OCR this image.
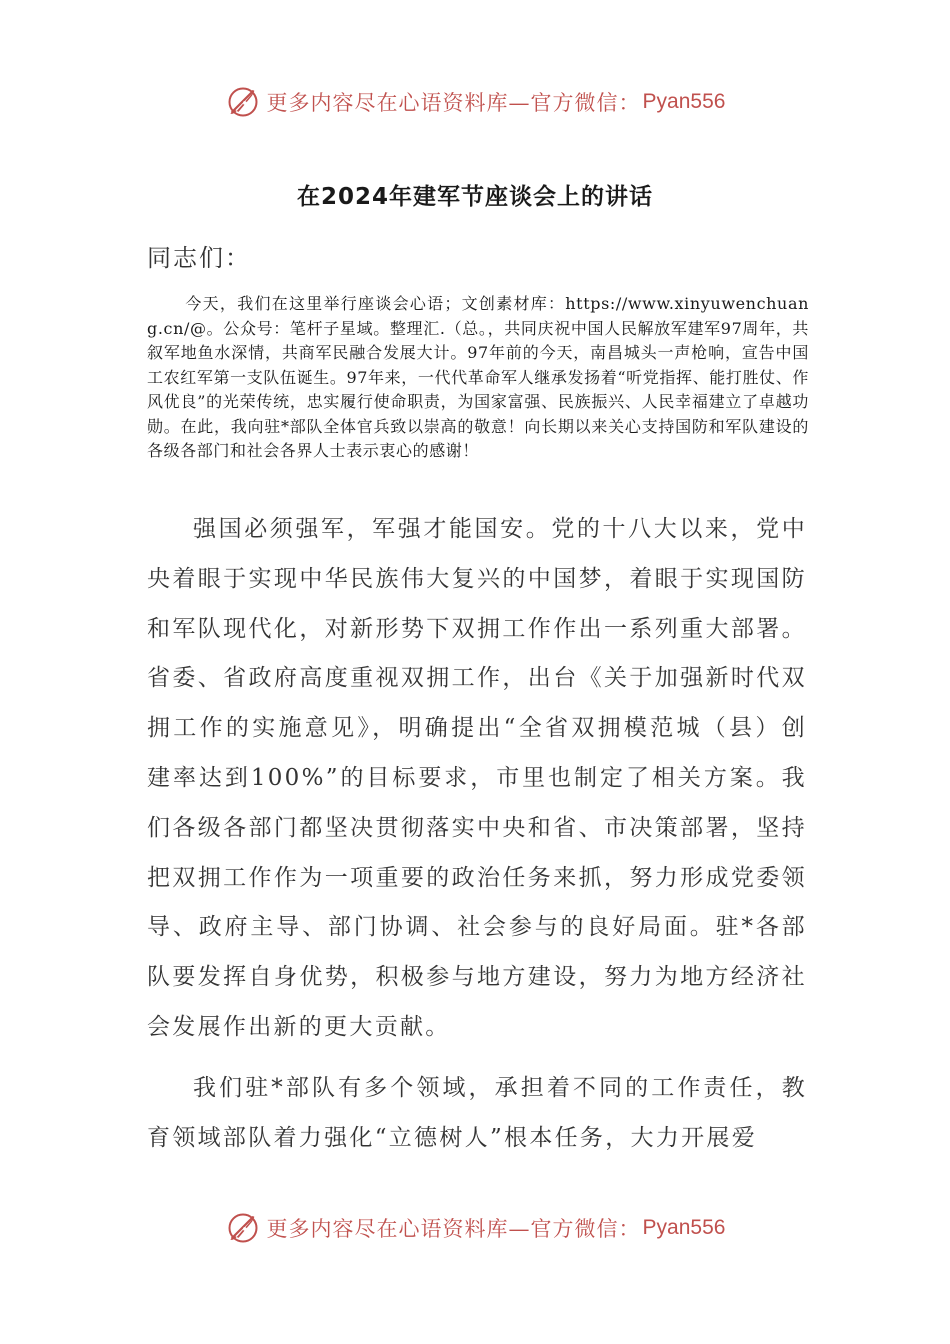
更多内容尽在心语资料库—官方微信： Pyan556
在2024年建军节座谈会上的讲话
同志们：
今天，我们在这里举行座谈会心语；文创素材库：https://www.xinyuwenchuang.cn/@。公众号：笔杆子星域。整理汇.（总。，共同庆祝中国人民解放军建军97周年，共叙军地鱼水深情，共商军民融合发展大计。97年前的今天，南昌城头一声枪响，宣告中国工农红军第一支队伍诞生。97年来，一代代革命军人继承发扬着“听党指挥、能打胜仗、作风优良”的光荣传统，忠实履行使命职责，为国家富强、民族振兴、人民幸福建立了卓越功勋。在此，我向驻*部队全体官兵致以崇高的敬意！向长期以来关心支持国防和军队建设的各级各部门和社会各界人士表示衷心的感谢！
强国必须强军，军强才能国安。党的十八大以来，党中央着眼于实现中华民族伟大复兴的中国梦，着眼于实现国防和军队现代化，对新形势下双拥工作作出一系列重大部署。省委、省政府高度重视双拥工作，出台《关于加强新时代双拥工作的实施意见》，明确提出“全省双拥模范城（县）创建率达到100%”的目标要求，市里也制定了相关方案。我们各级各部门都坚决贯彻落实中央和省、市决策部署，坚持把双拥工作作为一项重要的政治任务来抓，努力形成党委领导、政府主导、部门协调、社会参与的良好局面。驻*各部队要发挥自身优势，积极参与地方建设，努力为地方经济社会发展作出新的更大贡献。
我们驻*部队有多个领域，承担着不同的工作责任，教育领域部队着力强化“立德树人”根本任务，大力开展爱
更多内容尽在心语资料库—官方微信： Pyan556
